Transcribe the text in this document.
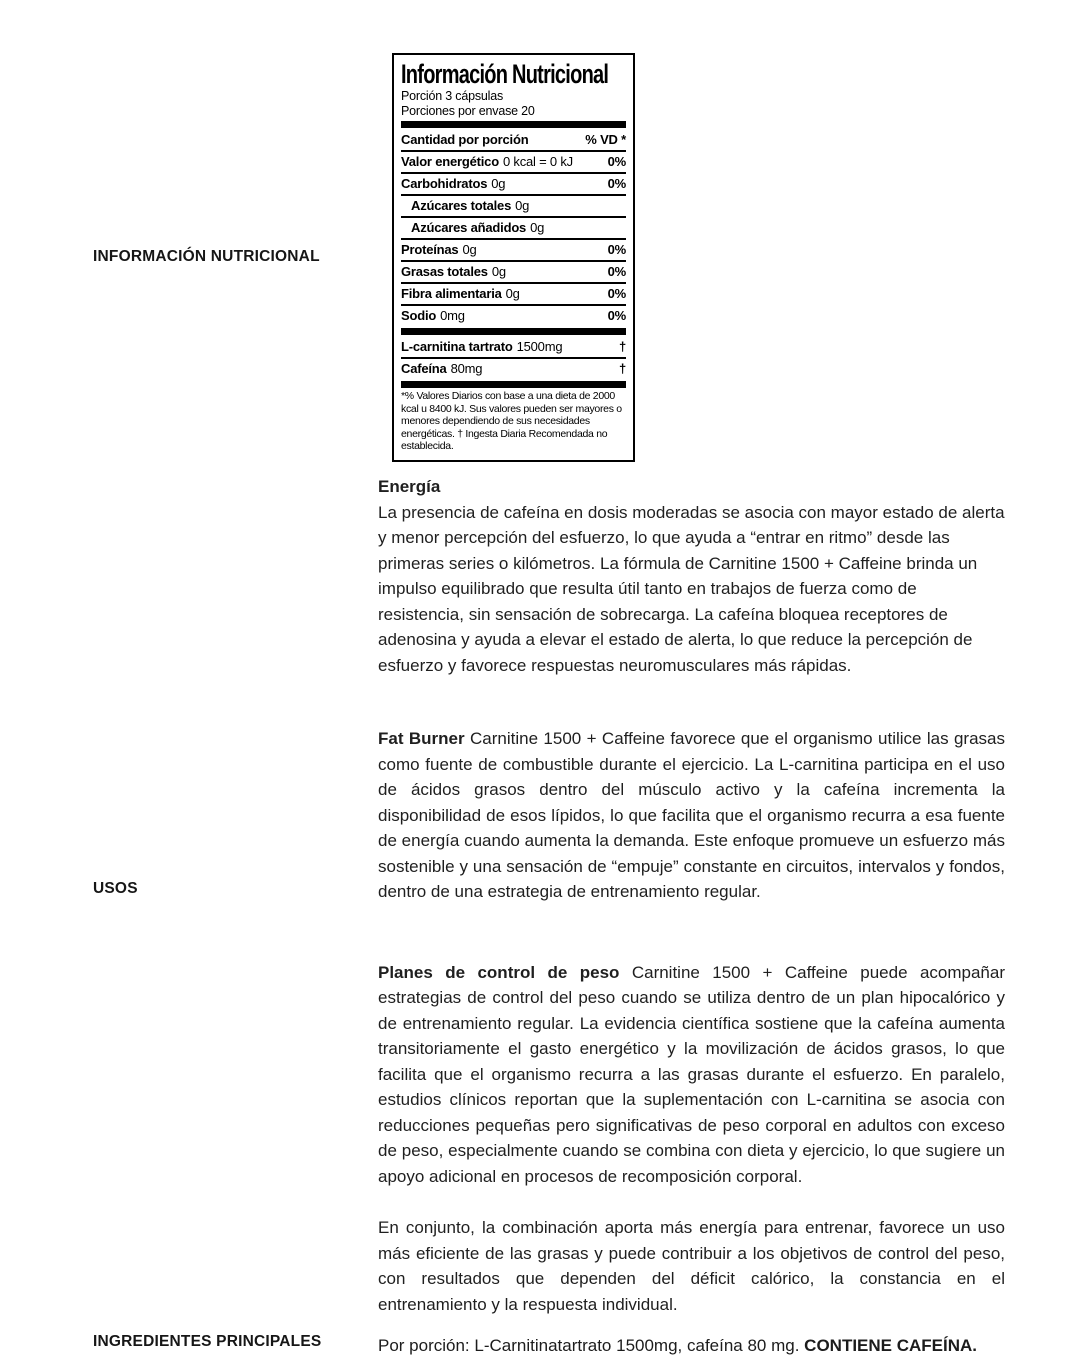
INFORMACIÓN NUTRICIONAL
Información Nutricional
Porción 3 cápsulas
Porciones por envase 20
Cantidad por porción	% VD *
Valor energético 0 kcal = 0 kJ	0%
Carbohidratos 0g	0%
Azúcares totales 0g
Azúcares añadidos 0g
Proteínas 0g	0%
Grasas totales 0g	0%
Fibra alimentaria 0g	0%
Sodio 0mg	0%
L-carnitina tartrato 1500mg	†
Cafeína 80mg	†
*% Valores Diarios con base a una dieta de 2000 kcal u 8400 kJ. Sus valores pueden ser mayores o menores dependiendo de sus necesidades energéticas. † Ingesta Diaria Recomendada no establecida.
USOS
Energía

La presencia de cafeína en dosis moderadas se asocia con mayor estado de alerta y menor percepción del esfuerzo, lo que ayuda a “entrar en ritmo” desde las primeras series o kilómetros. La fórmula de Carnitine 1500 + Caffeine brinda un impulso equilibrado que resulta útil tanto en trabajos de fuerza como de resistencia, sin sensación de sobrecarga. La cafeína bloquea receptores de adenosina y ayuda a elevar el estado de alerta, lo que reduce la percepción de esfuerzo y favorece respuestas neuromusculares más rápidas.

Fat Burner Carnitine 1500 + Caffeine favorece que el organismo utilice las grasas como fuente de combustible durante el ejercicio. La L-carnitina participa en el uso de ácidos grasos dentro del músculo activo y la cafeína incrementa la disponibilidad de esos lípidos, lo que facilita que el organismo recurra a esa fuente de energía cuando aumenta la demanda. Este enfoque promueve un esfuerzo más sostenible y una sensación de “empuje” constante en circuitos, intervalos y fondos, dentro de una estrategia de entrenamiento regular.

Planes de control de peso Carnitine 1500 + Caffeine puede acompañar estrategias de control del peso cuando se utiliza dentro de un plan hipocalórico y de entrenamiento regular. La evidencia científica sostiene que la cafeína aumenta transitoriamente el gasto energético y la movilización de ácidos grasos, lo que facilita que el organismo recurra a las grasas durante el esfuerzo. En paralelo, estudios clínicos reportan que la suplementación con L-carnitina se asocia con reducciones pequeñas pero significativas de peso corporal en adultos con exceso de peso, especialmente cuando se combina con dieta y ejercicio, lo que sugiere un apoyo adicional en procesos de recomposición corporal.

En conjunto, la combinación aporta más energía para entrenar, favorece un uso más eficiente de las grasas y puede contribuir a los objetivos de control del peso, con resultados que dependen del déficit calórico, la constancia en el entrenamiento y la respuesta individual.

INGREDIENTES PRINCIPALES	Por porción: L-Carnitinatartrato 1500mg, cafeína 80 mg. CONTIENE CAFEÍNA.
